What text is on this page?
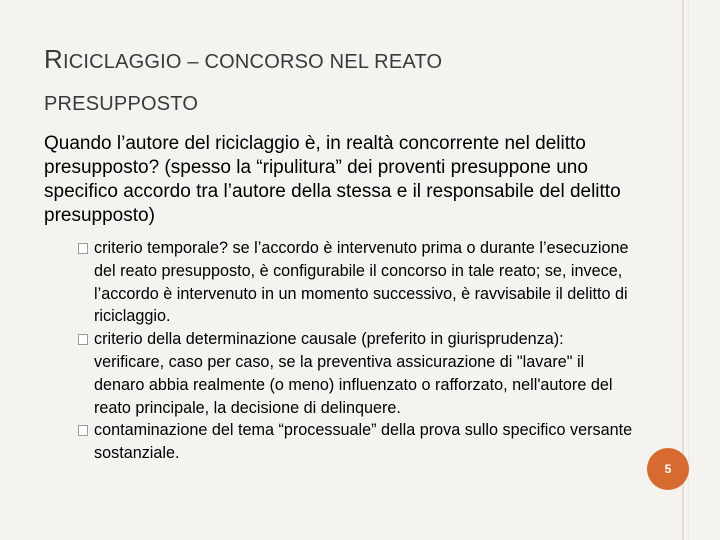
RICICLAGGIO – CONCORSO NEL REATO
PRESUPPOSTO
Quando l’autore del riciclaggio è, in realtà concorrente nel delitto presupposto? (spesso la “ripulitura” dei proventi presuppone uno specifico accordo tra l’autore della stessa e il responsabile del delitto presupposto)
criterio temporale? se l’accordo è intervenuto prima o durante l’esecuzione del reato presupposto, è configurabile il concorso in tale reato; se, invece, l’accordo è intervenuto in un momento successivo, è ravvisabile il delitto di riciclaggio.
criterio della determinazione causale (preferito in giurisprudenza): verificare, caso per caso, se la preventiva assicurazione di "lavare" il denaro abbia realmente (o meno) influenzato o rafforzato, nell'autore del reato principale, la decisione di delinquere.
contaminazione del tema “processuale” della prova sullo specifico versante sostanziale.
5
